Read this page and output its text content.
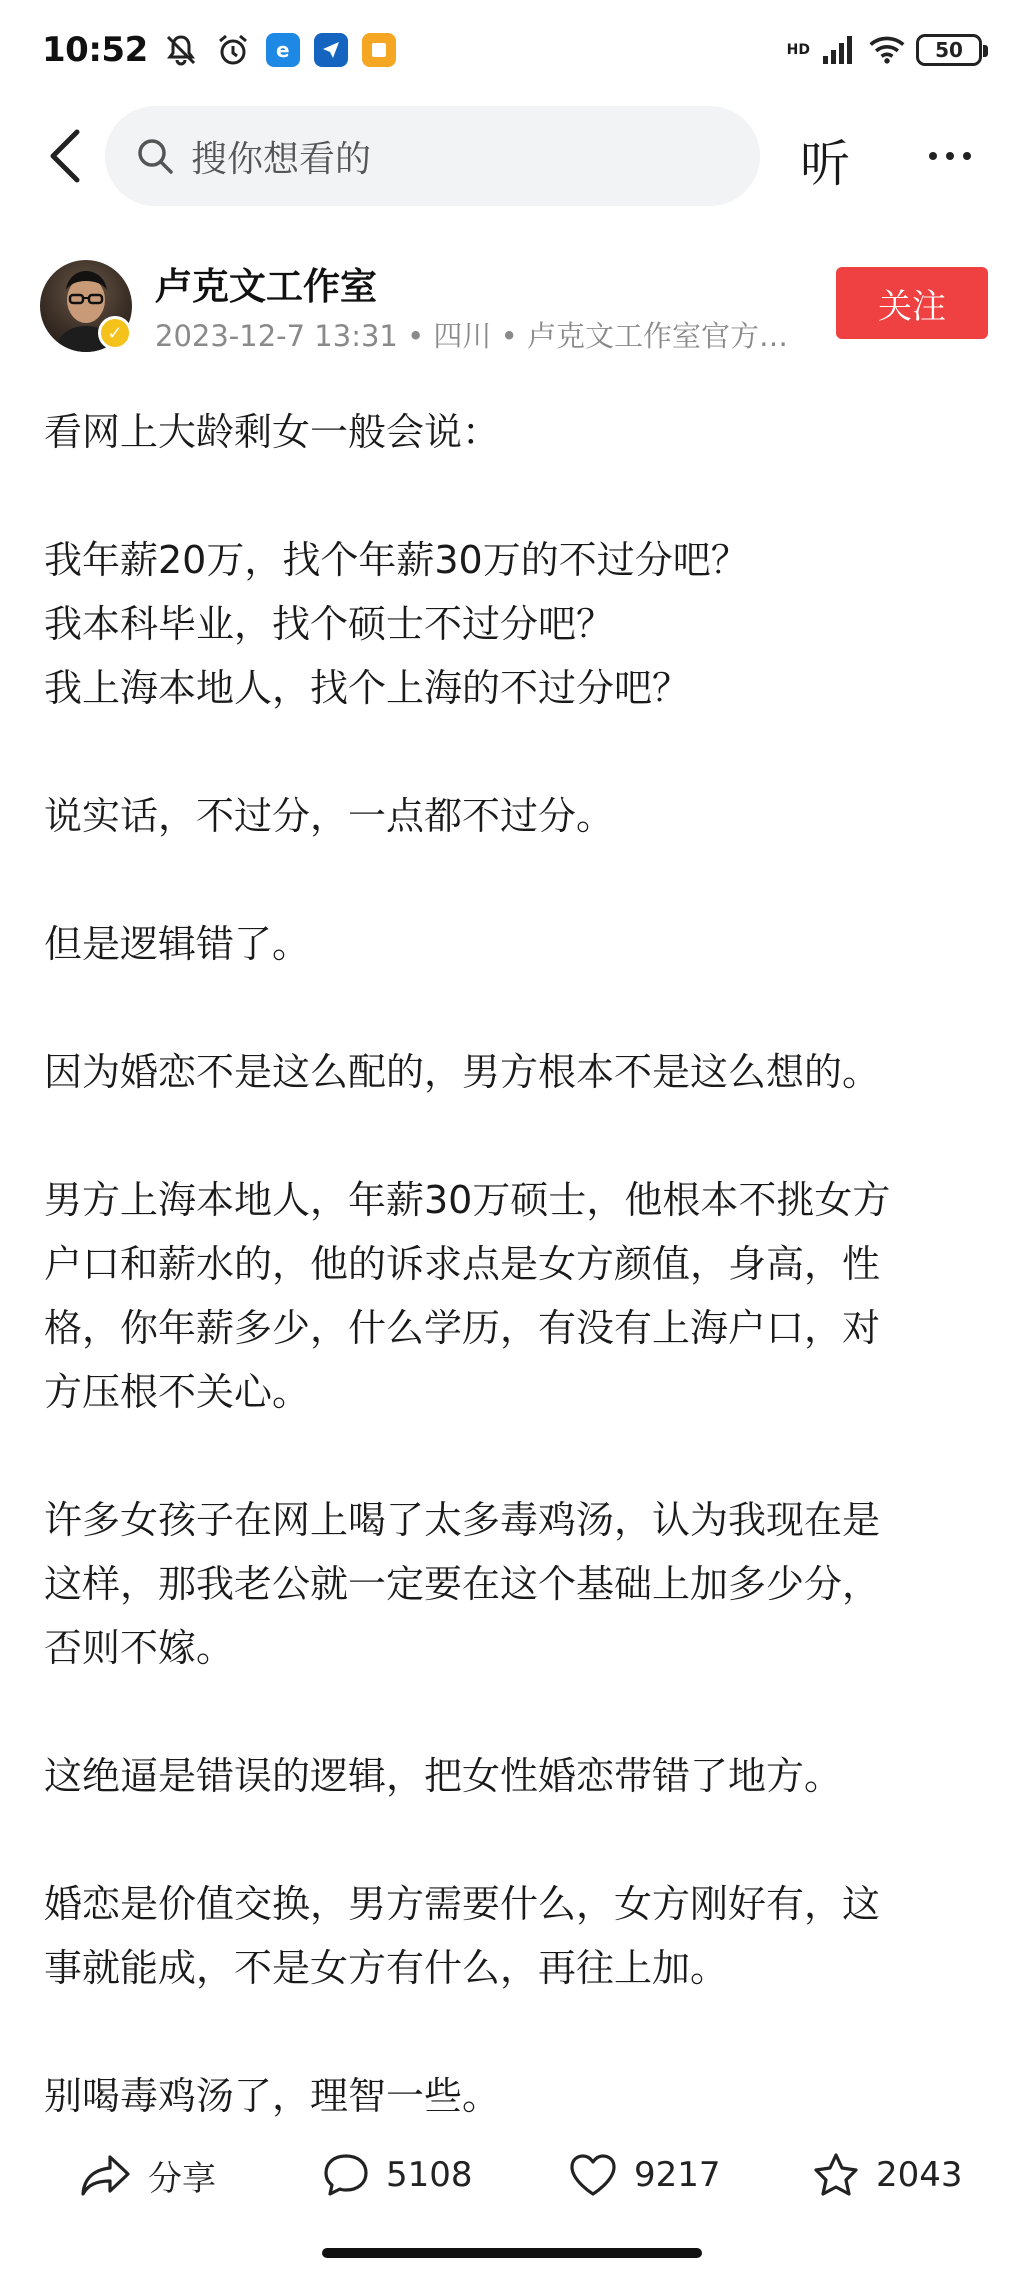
10:52	e	HD	50
搜你想看的	听
✓
卢克文工作室
2023-12-7 13:31 • 四川 • 卢克文工作室官方…
关注
看网上大龄剩女一般会说：
我年薪20万，找个年薪30万的不过分吧？
我本科毕业，找个硕士不过分吧？
我上海本地人，找个上海的不过分吧？
说实话，不过分，一点都不过分。
但是逻辑错了。
因为婚恋不是这么配的，男方根本不是这么想的。
男方上海本地人，年薪30万硕士，他根本不挑女方
户口和薪水的，他的诉求点是女方颜值，身高，性
格，你年薪多少，什么学历，有没有上海户口，对
方压根不关心。
许多女孩子在网上喝了太多毒鸡汤，认为我现在是
这样，那我老公就一定要在这个基础上加多少分，
否则不嫁。
这绝逼是错误的逻辑，把女性婚恋带错了地方。
婚恋是价值交换，男方需要什么，女方刚好有，这
事就能成，不是女方有什么，再往上加。
别喝毒鸡汤了，理智一些。
分享	5108	9217	2043
